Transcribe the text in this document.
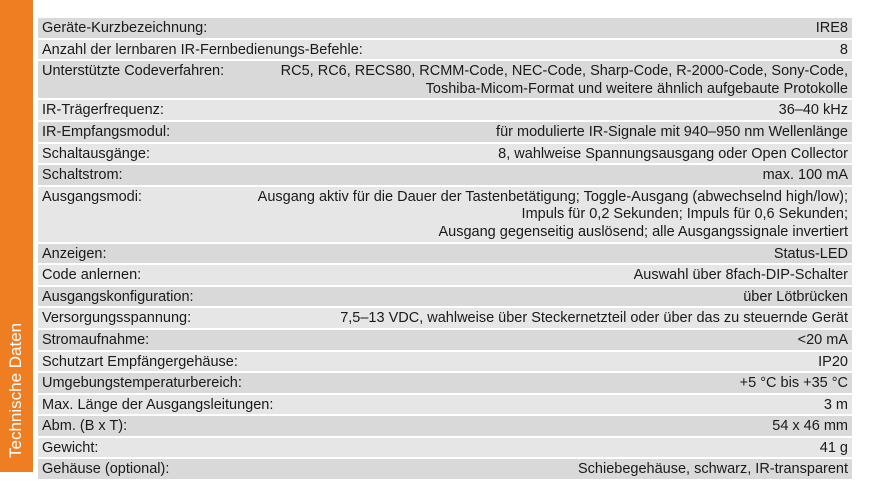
Technische Daten
Geräte-Kurzbezeichnung:	IRE8
Anzahl der lernbaren IR-Fernbedienungs-Befehle:	8
Unterstützte Codeverfahren:	RC5, RC6, RECS80, RCMM-Code, NEC-Code, Sharp-Code, R-2000-Code, Sony-Code,
Toshiba-Micom-Format und weitere ähnlich aufgebaute Protokolle
IR-Trägerfrequenz:	36–40 kHz
IR-Empfangsmodul:	für modulierte IR-Signale mit 940–950 nm Wellenlänge
Schaltausgänge:	8, wahlweise Spannungsausgang oder Open Collector
Schaltstrom:	max. 100 mA
Ausgangsmodi:	Ausgang aktiv für die Dauer der Tastenbetätigung; Toggle-Ausgang (abwechselnd high/low);
Impuls für 0,2 Sekunden; Impuls für 0,6 Sekunden;
Ausgang gegenseitig auslösend; alle Ausgangssignale invertiert
Anzeigen:	Status-LED
Code anlernen:	Auswahl über 8fach-DIP-Schalter
Ausgangskonfiguration:	über Lötbrücken
Versorgungsspannung:	7,5–13 VDC, wahlweise über Steckernetzteil oder über das zu steuernde Gerät
Stromaufnahme:	<20 mA
Schutzart Empfängergehäuse:	IP20
Umgebungstemperaturbereich:	+5 °C bis +35 °C
Max. Länge der Ausgangsleitungen:	3 m
Abm. (B x T):	54 x 46 mm
Gewicht:	41 g
Gehäuse (optional):	Schiebegehäuse, schwarz, IR-transparent
